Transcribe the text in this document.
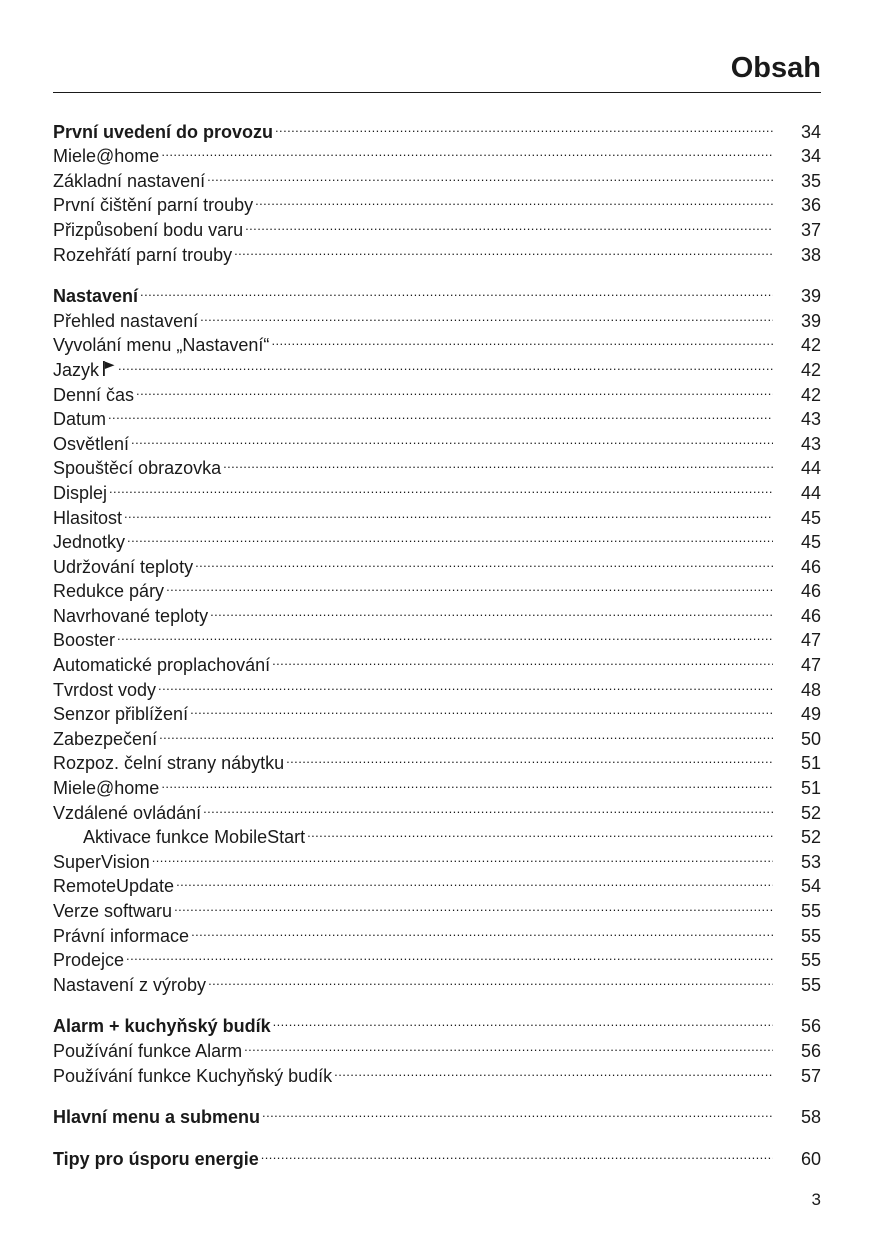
Obsah
První uvedení do provozu . . .	34
Miele@home . . .	34
Základní nastavení . . .	35
První čištění parní trouby . . .	36
Přizpůsobení bodu varu . . .	37
Rozehřátí parní trouby . . .	38
Nastavení . . .	39
Přehled nastavení . . .	39
Vyvolání menu „Nastavení“ . . .	42
Jazyk . . .	42
Denní čas . . .	42
Datum . . .	43
Osvětlení . . .	43
Spouštěcí obrazovka . . .	44
Displej . . .	44
Hlasitost . . .	45
Jednotky . . .	45
Udržování teploty . . .	46
Redukce páry . . .	46
Navrhované teploty . . .	46
Booster . . .	47
Automatické proplachování . . .	47
Tvrdost vody . . .	48
Senzor přiblížení . . .	49
Zabezpečení . . .	50
Rozpoz. čelní strany nábytku . . .	51
Miele@home . . .	51
Vzdálené ovládání . . .	52
Aktivace funkce MobileStart . . .	52
SuperVision . . .	53
RemoteUpdate . . .	54
Verze softwaru . . .	55
Právní informace . . .	55
Prodejce . . .	55
Nastavení z výroby . . .	55
Alarm + kuchyňský budík . . .	56
Používání funkce Alarm . . .	56
Používání funkce Kuchyňský budík . . .	57
Hlavní menu a submenu . . .	58
Tipy pro úsporu energie . . .	60
3
